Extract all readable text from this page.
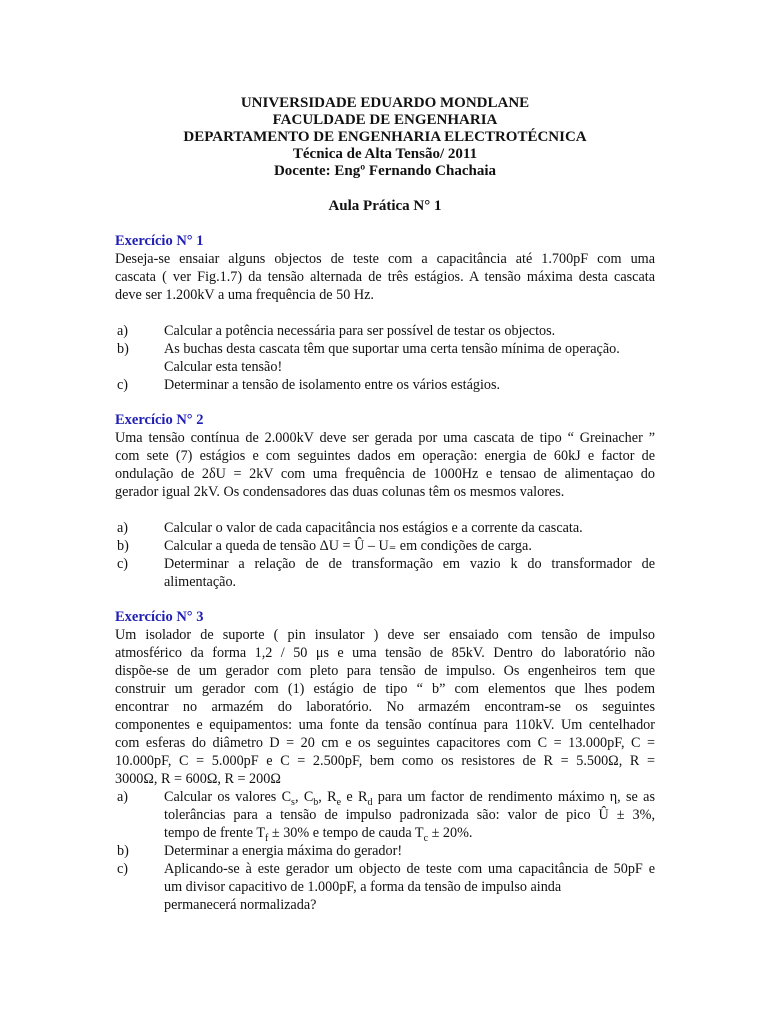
UNIVERSIDADE EDUARDO MONDLANE
FACULDADE DE ENGENHARIA
DEPARTAMENTO DE ENGENHARIA ELECTROTÉCNICA
Técnica de Alta Tensão/ 2011
Docente: Engº Fernando Chachaia
Aula Prática N° 1
Exercício N° 1
Deseja-se ensaiar alguns objectos de teste com a capacitância até 1.700pF com uma
cascata ( ver Fig.1.7) da tensão alternada de três estágios. A tensão máxima desta cascata
deve ser 1.200kV a uma frequência de 50 Hz.
a)	Calcular a potência necessária para ser possível de testar os objectos.
b)	As buchas desta cascata têm que suportar uma certa tensão mínima de operação.
Calcular esta tensão!
c)	Determinar a tensão de isolamento entre os vários estágios.
Exercício N° 2
Uma tensão contínua de 2.000kV deve ser gerada por uma cascata de tipo “ Greinacher ”
com sete (7) estágios e com seguintes dados em operação: energia de 60kJ e factor de
ondulação de 2δU = 2kV com uma frequência de 1000Hz e tensao de alimentaçao do
gerador igual 2kV. Os condensadores das duas colunas têm os mesmos valores.
a)	Calcular o valor de cada capacitância nos estágios e a corrente da cascata.
b)	Calcular a queda de tensão ΔU = Û – U₌ em condições de carga.
c)	Determinar a relação de de transformação em vazio k do transformador de
alimentação.
Exercício N° 3
Um isolador de suporte ( pin insulator ) deve ser ensaiado com tensão de impulso
atmosférico da forma 1,2 / 50 μs e uma tensão de 85kV. Dentro do laboratório não
dispõe-se de um gerador com pleto para tensão de impulso. Os engenheiros tem que
construir um gerador com (1) estágio de tipo “ b” com elementos que lhes podem
encontrar no armazém do laboratório. No armazém encontram-se os seguintes
componentes e equipamentos: uma fonte da tensão contínua para 110kV. Um centelhador
com esferas do diâmetro D = 20 cm e os seguintes capacitores com C = 13.000pF, C =
10.000pF, C = 5.000pF e C = 2.500pF, bem como os resistores de R = 5.500Ω, R =
3000Ω, R = 600Ω, R = 200Ω
a)	Calcular os valores $C_s$, $C_b$, $R_e$ e $R_d$ para um factor de rendimento máximo η, se as
tolerâncias para a tensão de impulso padronizada são: valor de pico Û ± 3%,
tempo de frente $T_f \pm 30\%$ e tempo de cauda $T_c \pm 20\%$.
b)	Determinar a energia máxima do gerador!
c)	Aplicando-se à este gerador um objecto de teste com uma capacitância de 50pF e
um divisor capacitivo de 1.000pF, a forma da tensão de impulso ainda
permanecerá normalizada?
